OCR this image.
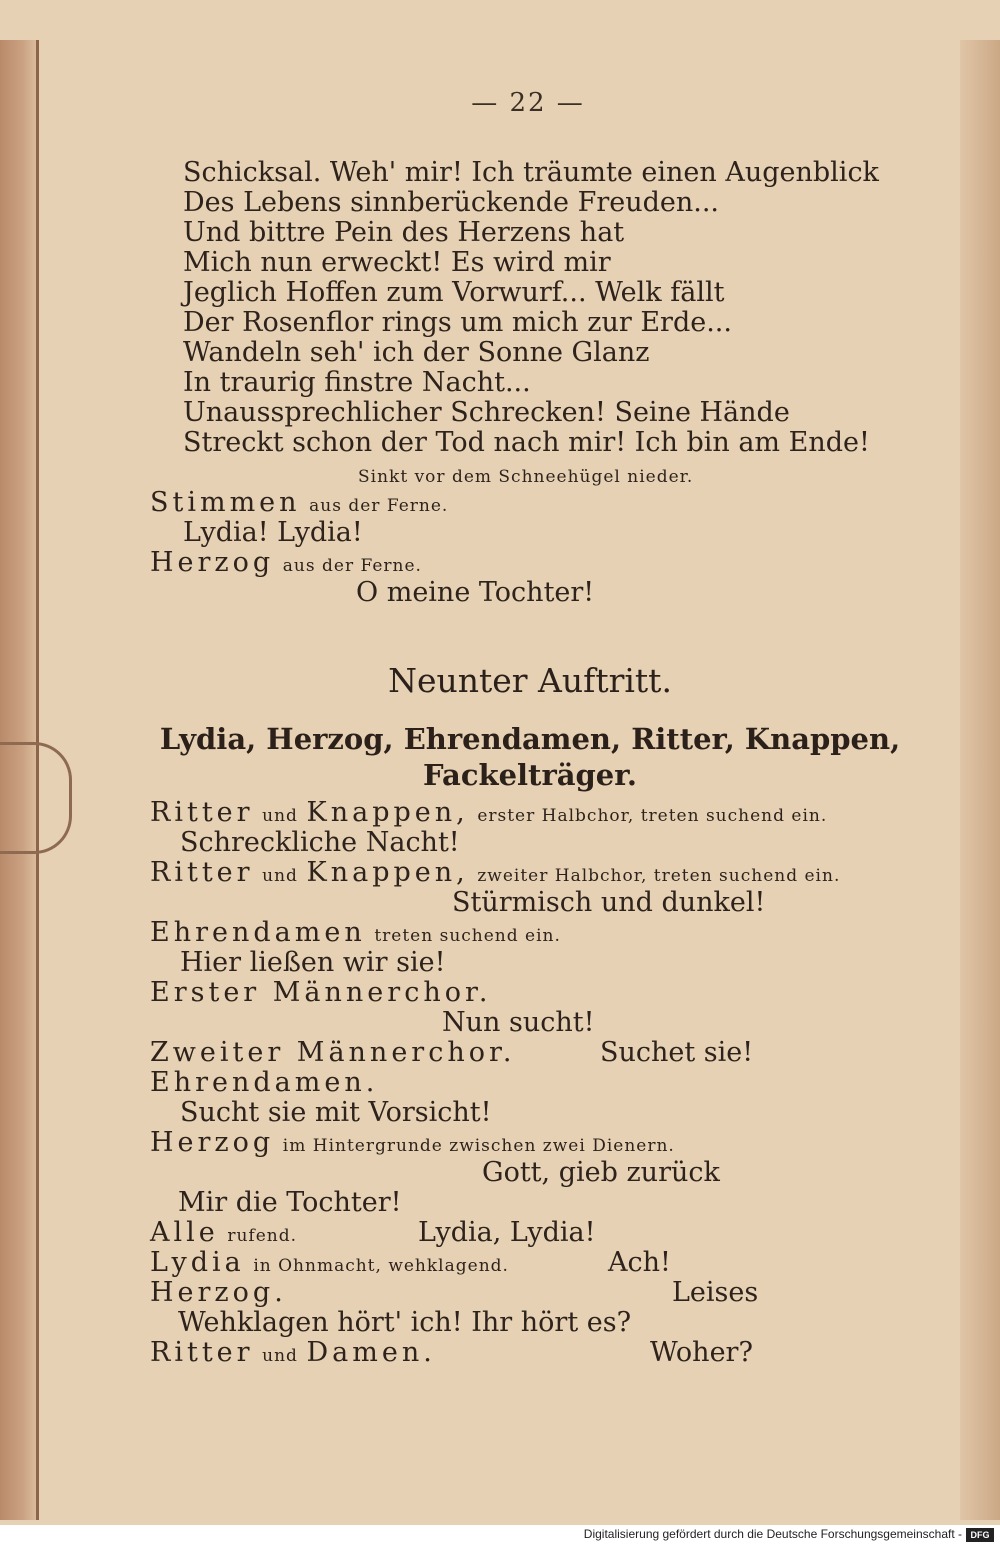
— 22 —
Schicksal. Weh' mir! Ich träumte einen Augenblick
Des Lebens sinnberückende Freuden...
Und bittre Pein des Herzens hat
Mich nun erweckt! Es wird mir
Jeglich Hoffen zum Vorwurf... Welk fällt
Der Rosenflor rings um mich zur Erde...
Wandeln seh' ich der Sonne Glanz
In traurig finstre Nacht...
Unaussprechlicher Schrecken! Seine Hände
Streckt schon der Tod nach mir! Ich bin am Ende!
Sinkt vor dem Schneehügel nieder.
Stimmen aus der Ferne.
Lydia! Lydia!
Herzog aus der Ferne.
O meine Tochter!
Neunter Auftritt.
Lydia, Herzog, Ehrendamen, Ritter, Knappen,
Fackelträger.
Ritter und Knappen, erster Halbchor, treten suchend ein.
Schreckliche Nacht!
Ritter und Knappen, zweiter Halbchor, treten suchend ein.
Stürmisch und dunkel!
Ehrendamen treten suchend ein.
Hier ließen wir sie!
Erster Männerchor.
Nun sucht!
Zweiter Männerchor.	Suchet sie!
Ehrendamen.
Sucht sie mit Vorsicht!
Herzog im Hintergrunde zwischen zwei Dienern.
Gott, gieb zurück
Mir die Tochter!
Alle rufend.	Lydia, Lydia!
Lydia in Ohnmacht, wehklagend.	Ach!
Herzog.	Leises
Wehklagen hört' ich! Ihr hört es?
Ritter und Damen.	Woher?
Digitalisierung gefördert durch die Deutsche Forschungsgemeinschaft - DFG
